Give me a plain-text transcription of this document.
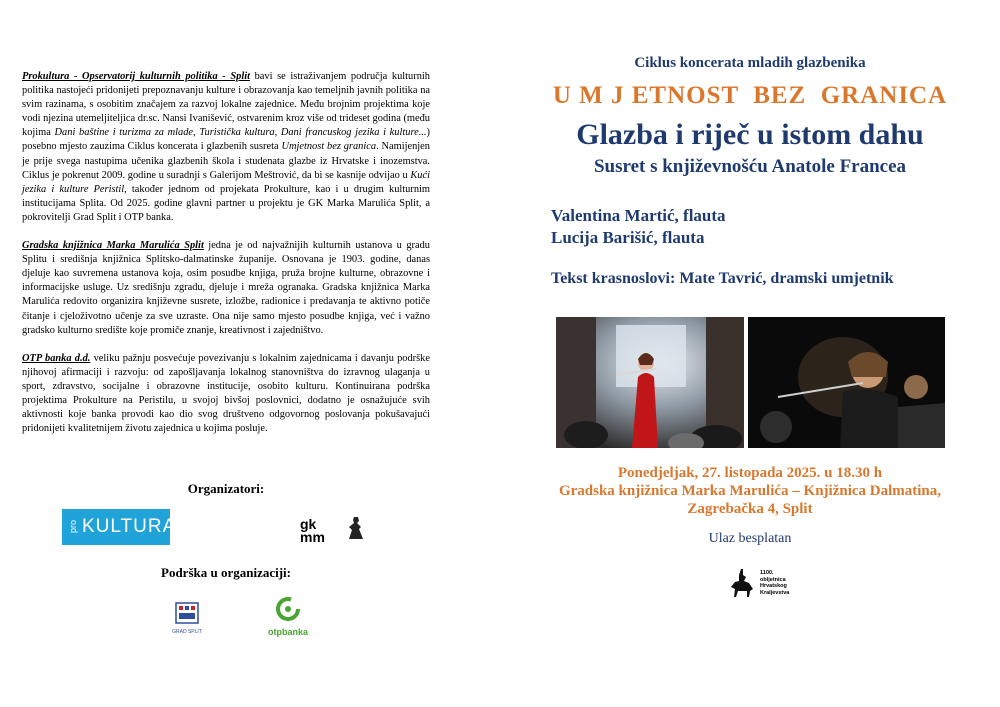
Prokultura - Opservatorij kulturnih politika - Split bavi se istraživanjem područja kulturnih politika nastojeći pridonijeti prepoznavanju kulture i obrazovanja kao temeljnih javnih politika na svim razinama, s osobitim značajem za razvoj lokalne zajednice. Među brojnim projektima koje vodi njezina utemeljiteljica dr.sc. Nansi Ivanišević, ostvarenim kroz više od trideset godina (među kojima Dani baštine i turizma za mlade, Turistička kultura, Dani francuskog jezika i kulture...) posebno mjesto zauzima Ciklus koncerata i glazbenih susreta Umjetnost bez granica. Namijenjen je prije svega nastupima učenika glazbenih škola i studenata glazbe iz Hrvatske i inozemstva. Ciklus je pokrenut 2009. godine u suradnji s Galerijom Meštrović, da bi se kasnije odvijao u Kući jezika i kulture Peristil, također jednom od projekata Prokulture, kao i u drugim kulturnim institucijama Splita. Od 2025. godine glavni partner u projektu je GK Marka Marulića Split, a pokrovitelji Grad Split i OTP banka.

Gradska knjižnica Marka Marulića Split jedna je od najvažnijih kulturnih ustanova u gradu Splitu i središnja knjižnica Splitsko-dalmatinske županije. Osnovana je 1903. godine, danas djeluje kao suvremena ustanova koja, osim posudbe knjiga, pruža brojne kulturne, obrazovne i informacijske usluge. Uz središnju zgradu, djeluje i mreža ogranaka. Gradska knjižnica Marka Marulića redovito organizira književne susrete, izložbe, radionice i predavanja te aktivno potiče čitanje i cjeloživotno učenje za sve uzraste. Ona nije samo mjesto posudbe knjiga, već i važno gradsko kulturno središte koje promiče znanje, kreativnost i zajedništvo.

OTP banka d.d. veliku pažnju posvećuje povezivanju s lokalnim zajednicama i davanju podrške njihovoj afirmaciji i razvoju: od zapošljavanja lokalnog stanovništva do izravnog ulaganja u sport, zdravstvo, socijalne i obrazovne institucije, osobito kulturu. Kontinuirana podrška projektima Prokulture na Peristilu, u svojoj bivšoj poslovnici, dodatno je osnažujuće svih aktivnosti koje banka provodi kao dio svog društveno odgovornog poslovanja pokušavajući pridonijeti kvalitetnijem životu zajednica u kojima posluje.

Organizatori:
pro KULTURA	gk mm
Podrška u organizaciji:
GRAD SPLIT	otpbanka
Ciklus koncerata mladih glazbenika
U M J ETNOST  BEZ  GRANICA
Glazba i riječ u istom dahu
Susret s književnošću Anatole Francea
Valentina Martić, flauta
Lucija Barišić, flauta
Tekst krasnoslovi: Mate Tavrić, dramski umjetnik
Ponedjeljak, 27. listopada 2025. u 18.30 h
Gradska knjižnica Marka Marulića – Knjižnica Dalmatina,
Zagrebačka 4, Split
Ulaz besplatan
1100.
obljetnica
Hrvatskog
Kraljevstva
